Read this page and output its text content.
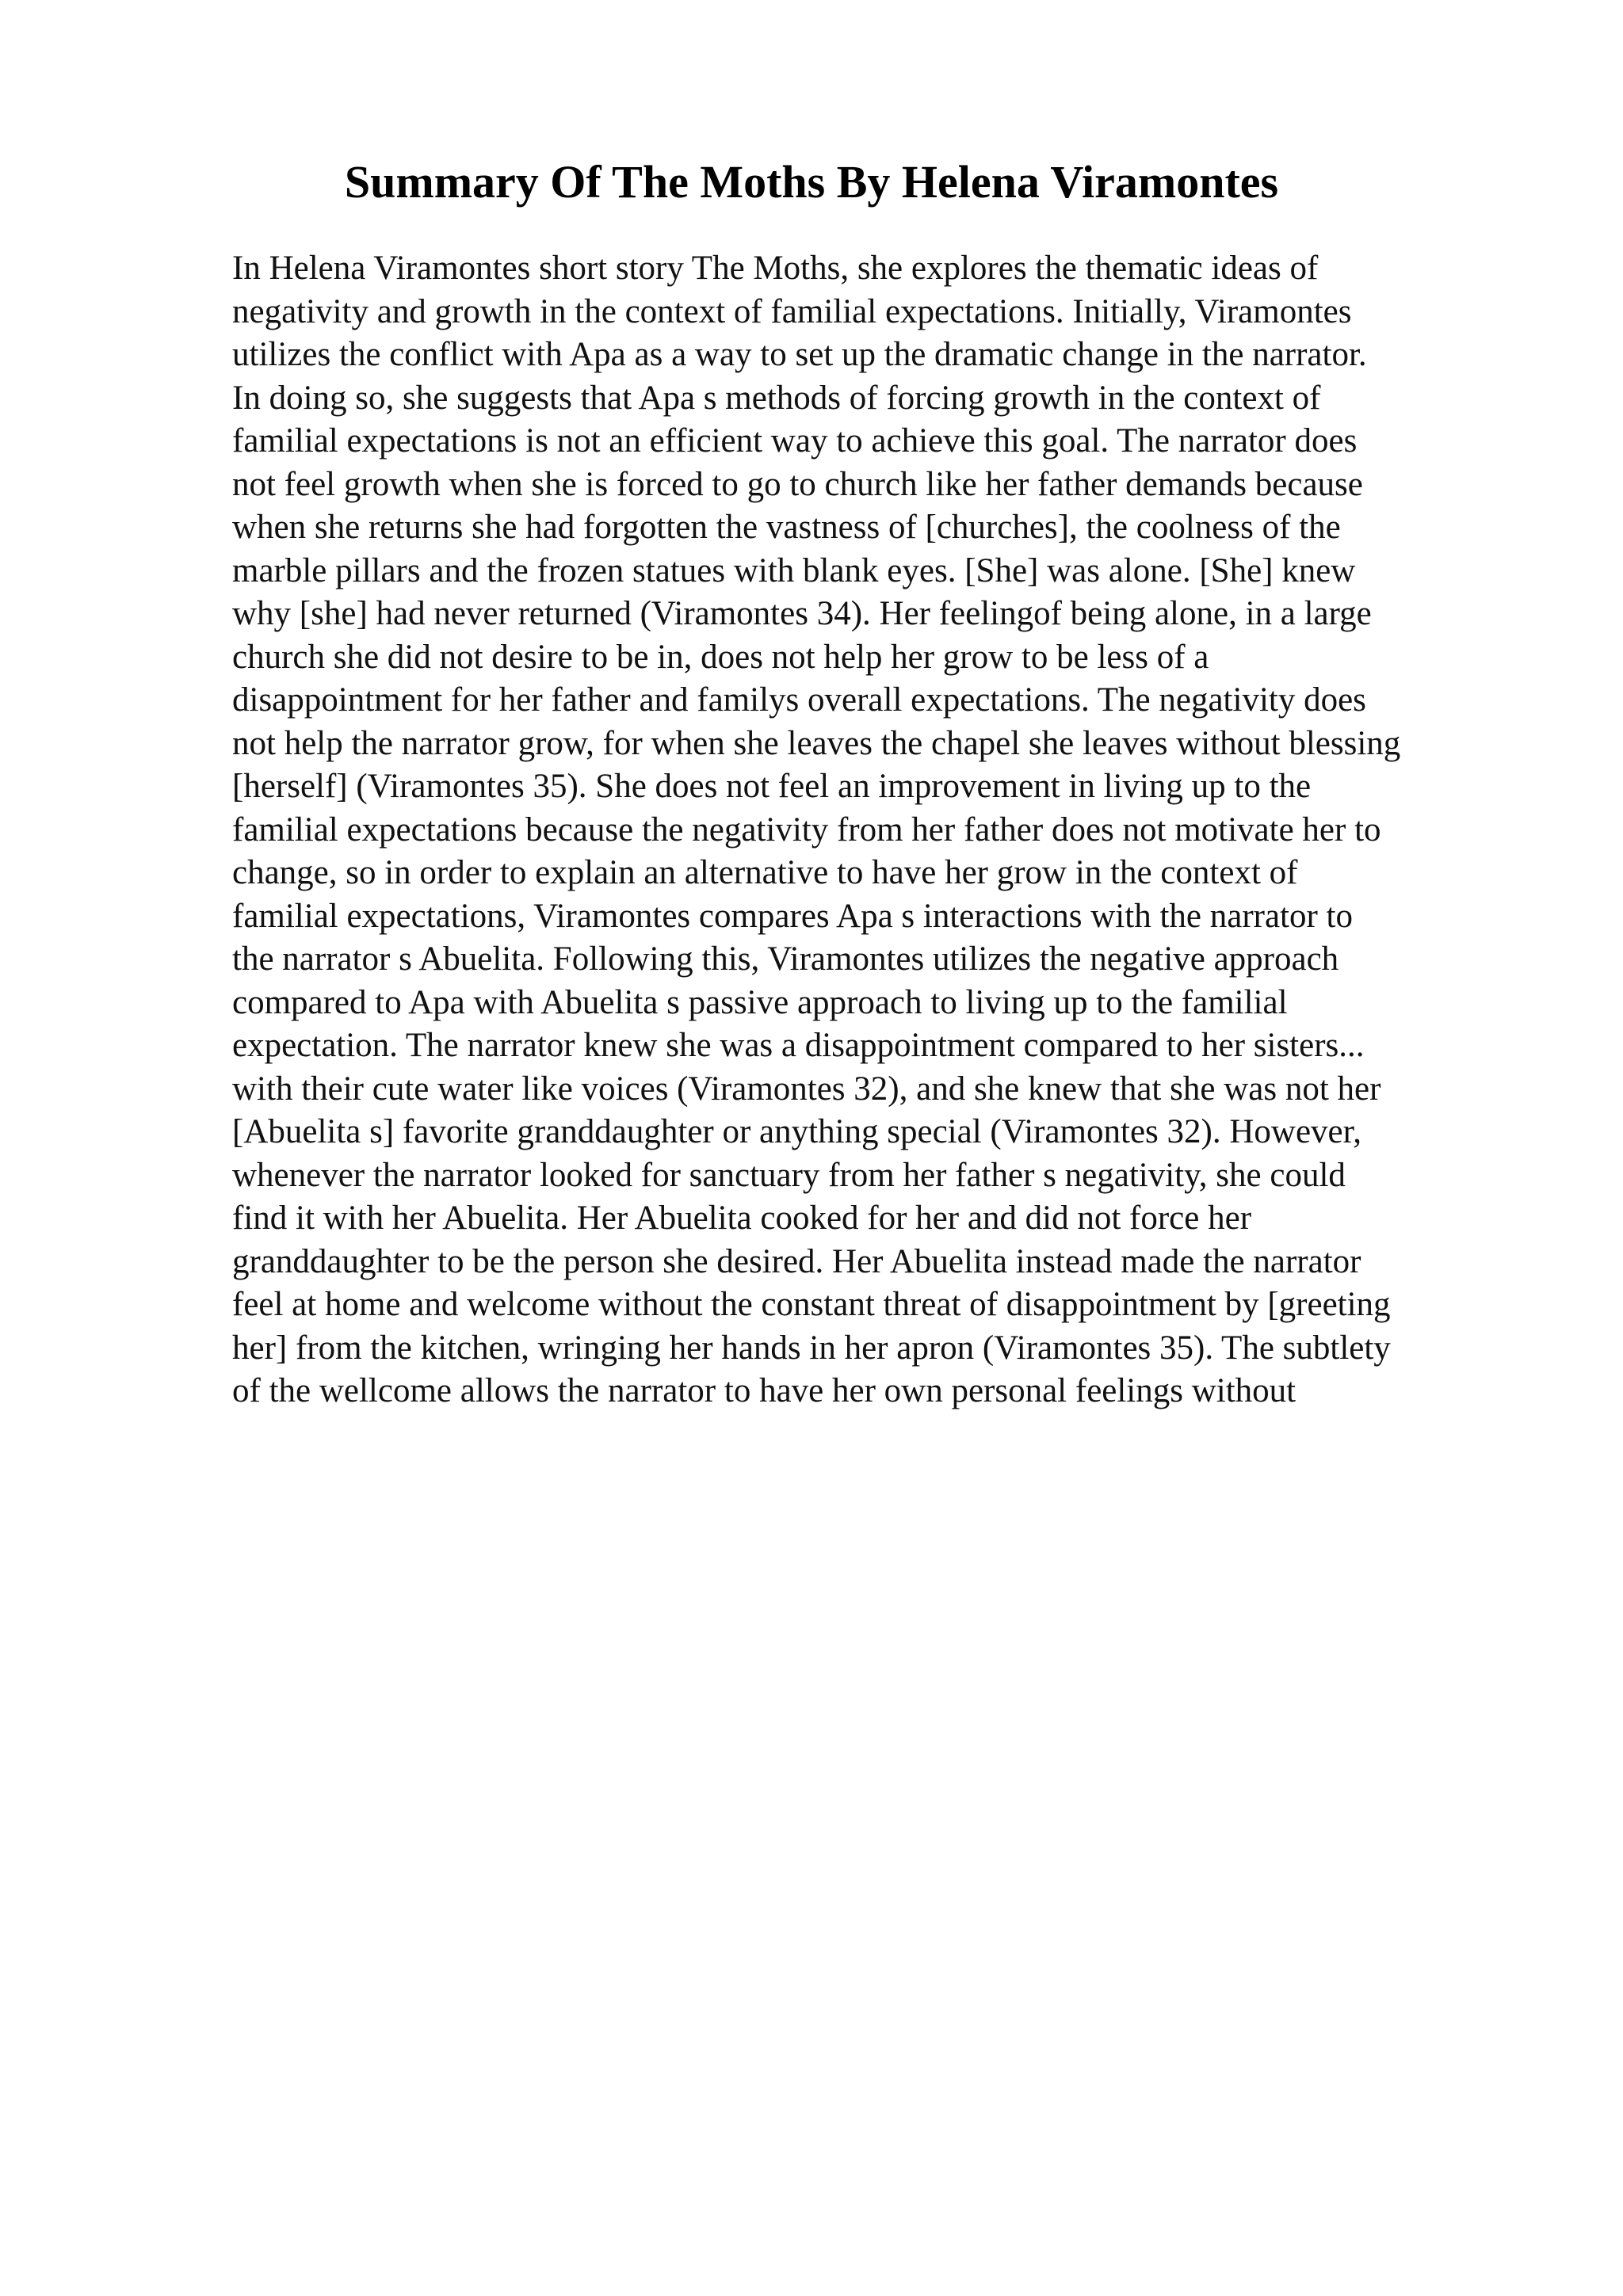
Summary Of The Moths By Helena Viramontes
In Helena Viramontes short story The Moths, she explores the thematic ideas of
negativity and growth in the context of familial expectations. Initially, Viramontes
utilizes the conflict with Apa as a way to set up the dramatic change in the narrator.
In doing so, she suggests that Apa s methods of forcing growth in the context of
familial expectations is not an efficient way to achieve this goal. The narrator does
not feel growth when she is forced to go to church like her father demands because
when she returns she had forgotten the vastness of [churches], the coolness of the
marble pillars and the frozen statues with blank eyes. [She] was alone. [She] knew
why [she] had never returned (Viramontes 34). Her feelingof being alone, in a large
church she did not desire to be in, does not help her grow to be less of a
disappointment for her father and familys overall expectations. The negativity does
not help the narrator grow, for when she leaves the chapel she leaves without blessing
[herself] (Viramontes 35). She does not feel an improvement in living up to the
familial expectations because the negativity from her father does not motivate her to
change, so in order to explain an alternative to have her grow in the context of
familial expectations, Viramontes compares Apa s interactions with the narrator to
the narrator s Abuelita. Following this, Viramontes utilizes the negative approach
compared to Apa with Abuelita s passive approach to living up to the familial
expectation. The narrator knew she was a disappointment compared to her sisters...
with their cute water like voices (Viramontes 32), and she knew that she was not her
[Abuelita s] favorite granddaughter or anything special (Viramontes 32). However,
whenever the narrator looked for sanctuary from her father s negativity, she could
find it with her Abuelita. Her Abuelita cooked for her and did not force her
granddaughter to be the person she desired. Her Abuelita instead made the narrator
feel at home and welcome without the constant threat of disappointment by [greeting
her] from the kitchen, wringing her hands in her apron (Viramontes 35). The subtlety
of the wellcome allows the narrator to have her own personal feelings without
